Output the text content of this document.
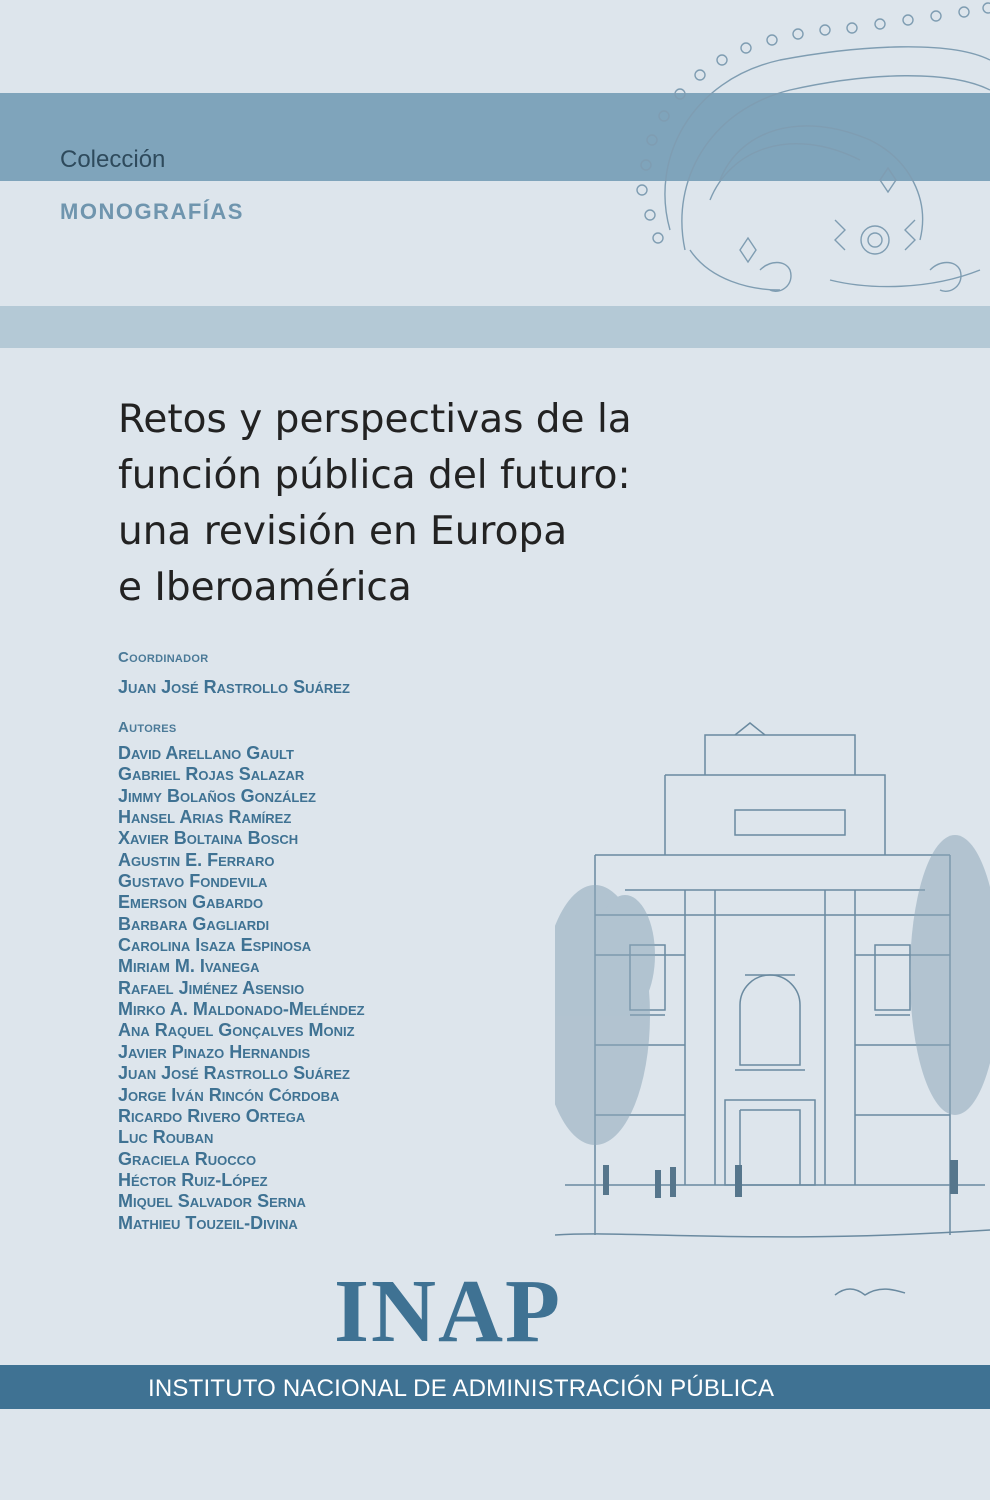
Colección
MONOGRAFÍAS
Retos y perspectivas de la
función pública del futuro:
una revisión en Europa
e Iberoamérica
Coordinador
Juan José Rastrollo Suárez
Autores
David Arellano Gault
Gabriel Rojas Salazar
Jimmy Bolaños González
Hansel Arias Ramírez
Xavier Boltaina Bosch
Agustin E. Ferraro
Gustavo Fondevila
Emerson Gabardo
Barbara Gagliardi
Carolina Isaza Espinosa
Miriam M. Ivanega
Rafael Jiménez Asensio
Mirko A. Maldonado-Meléndez
Ana Raquel Gonçalves Moniz
Javier Pinazo Hernandis
Juan José Rastrollo Suárez
Jorge Iván Rincón Córdoba
Ricardo Rivero Ortega
Luc Rouban
Graciela Ruocco
Héctor Ruiz-López
Miquel Salvador Serna
Mathieu Touzeil-Divina
INAP
INSTITUTO NACIONAL DE ADMINISTRACIÓN PÚBLICA
